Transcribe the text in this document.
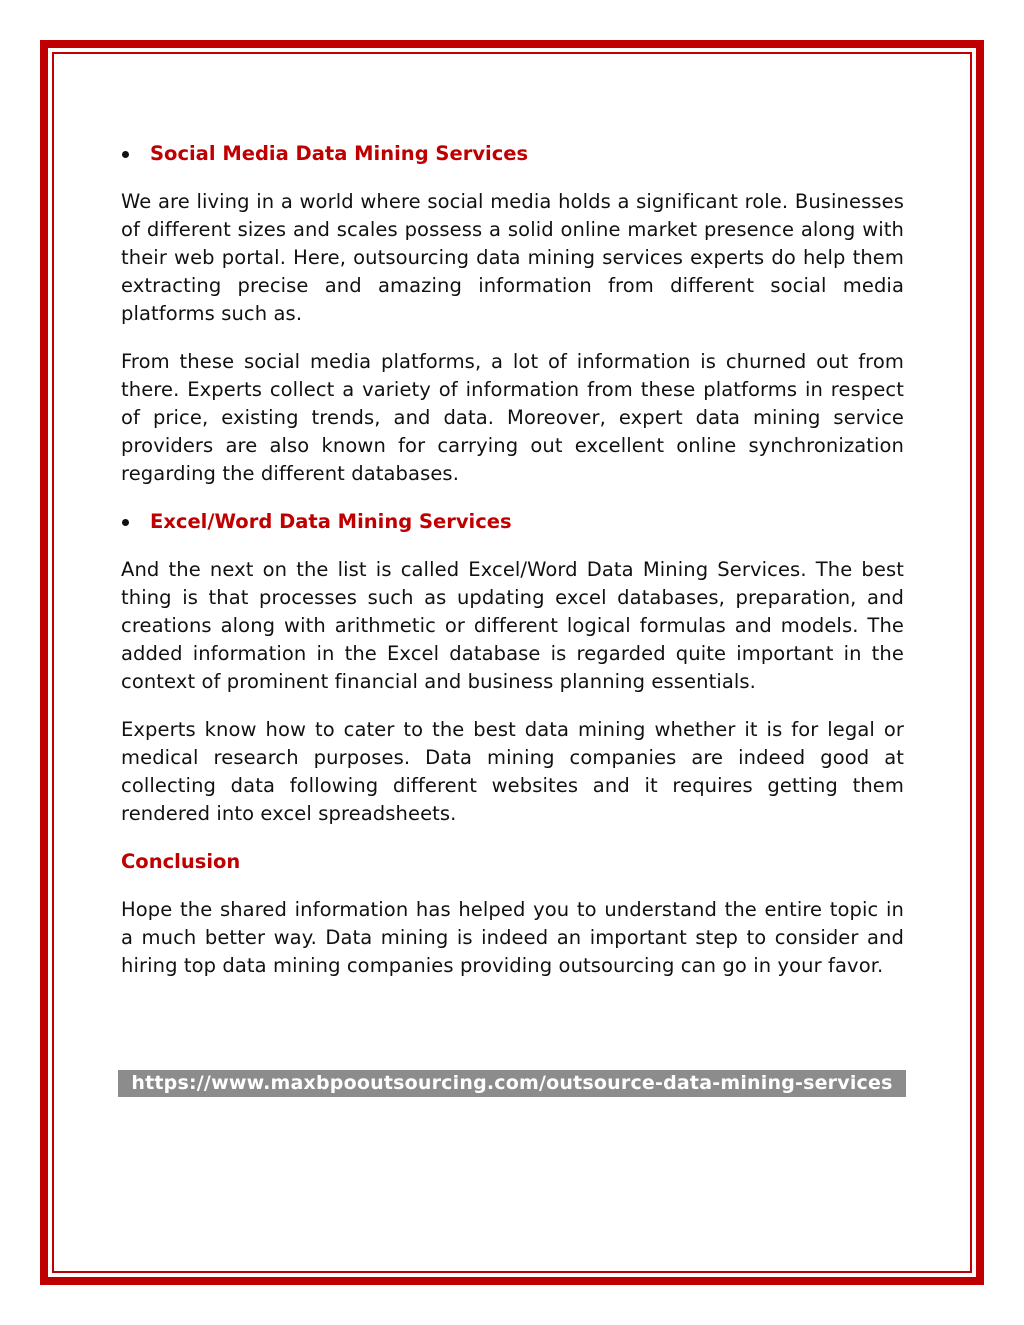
Social Media Data Mining Services

We are living in a world where social media holds a significant role. Businesses of different sizes and scales possess a solid online market presence along with their web portal. Here, outsourcing data mining services experts do help them extracting precise and amazing information from different social media platforms such as.

From these social media platforms, a lot of information is churned out from there. Experts collect a variety of information from these platforms in respect of price, existing trends, and data. Moreover, expert data mining service providers are also known for carrying out excellent online synchronization regarding the different databases.

Excel/Word Data Mining Services

And the next on the list is called Excel/Word Data Mining Services. The best thing is that processes such as updating excel databases, preparation, and creations along with arithmetic or different logical formulas and models. The added information in the Excel database is regarded quite important in the context of prominent financial and business planning essentials.

Experts know how to cater to the best data mining whether it is for legal or medical research purposes. Data mining companies are indeed good at collecting data following different websites and it requires getting them rendered into excel spreadsheets.

Conclusion

Hope the shared information has helped you to understand the entire topic in a much better way. Data mining is indeed an important step to consider and hiring top data mining companies providing outsourcing can go in your favor.

https://www.maxbpooutsourcing.com/outsource-data-mining-services
